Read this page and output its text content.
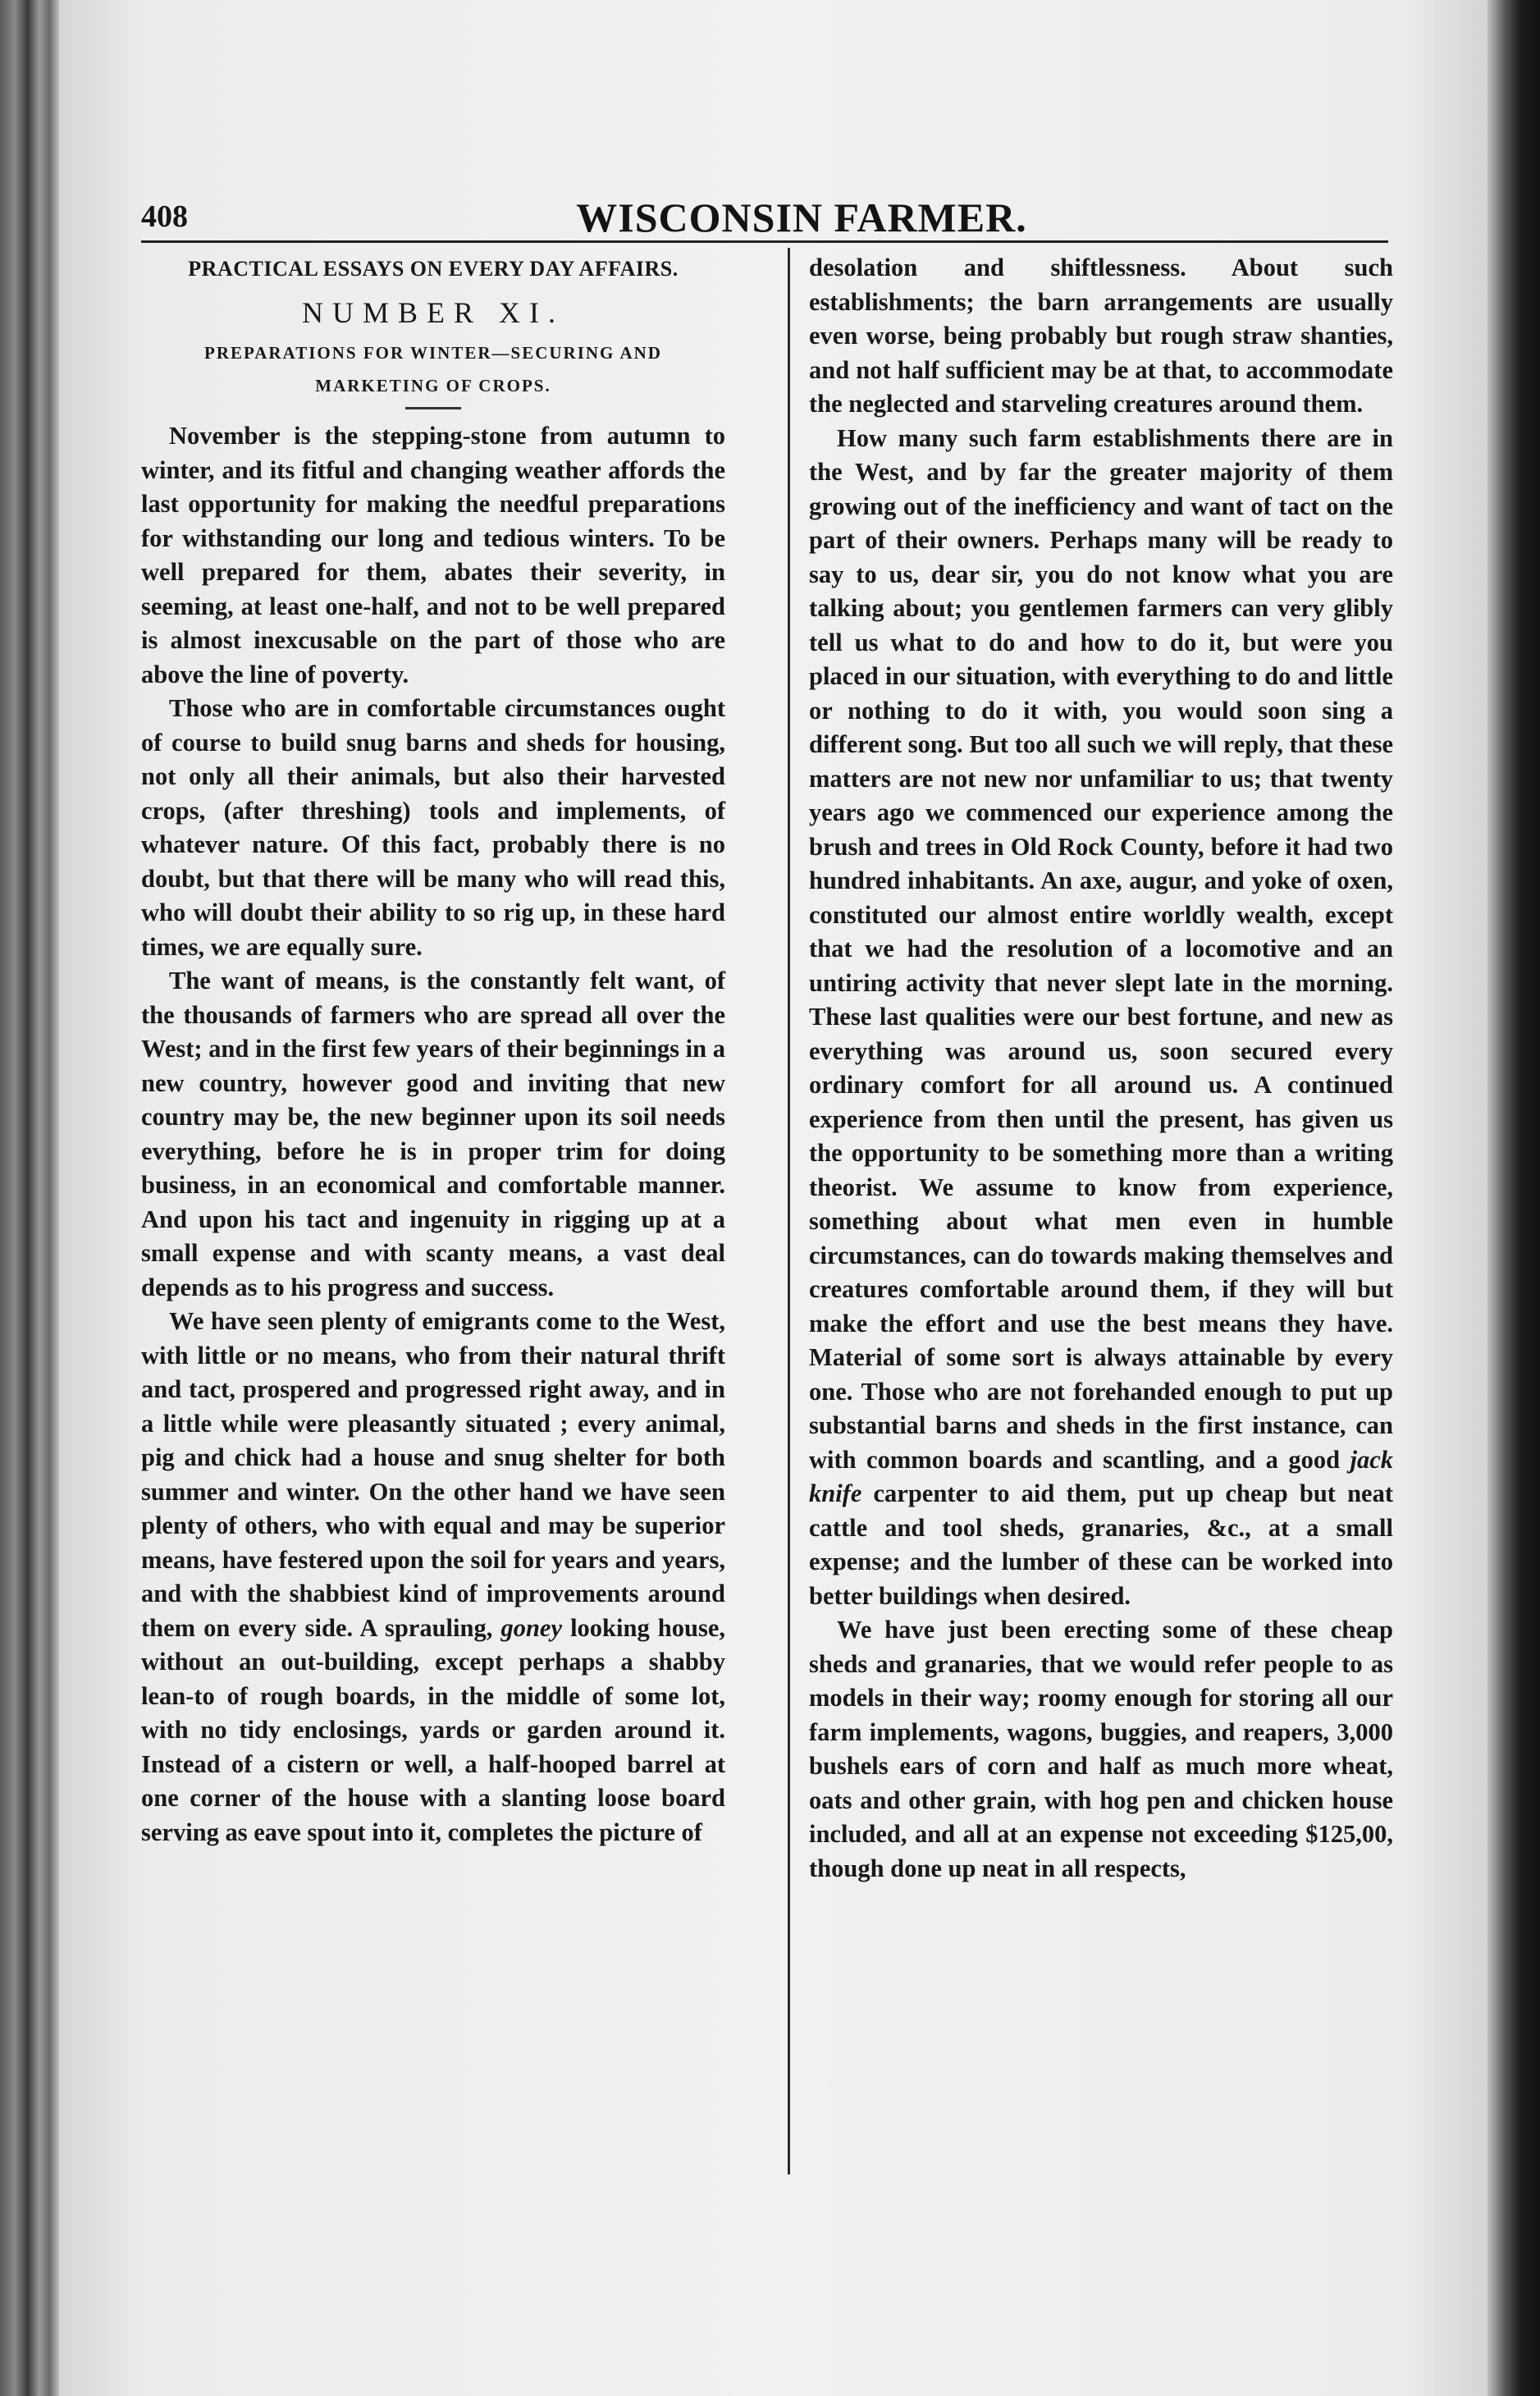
408	WISCONSIN FARMER.
PRACTICAL ESSAYS ON EVERY DAY AFFAIRS.
NUMBER XI.
PREPARATIONS FOR WINTER—SECURING AND MARKETING OF CROPS.

November is the stepping-stone from autumn to winter, and its fitful and changing weather affords the last opportunity for making the needful preparations for withstanding our long and tedious winters. To be well prepared for them, abates their severity, in seeming, at least one-half, and not to be well prepared is almost inexcusable on the part of those who are above the line of poverty.

Those who are in comfortable circumstances ought of course to build snug barns and sheds for housing, not only all their animals, but also their harvested crops, (after threshing) tools and implements, of whatever nature. Of this fact, probably there is no doubt, but that there will be many who will read this, who will doubt their ability to so rig up, in these hard times, we are equally sure.

The want of means, is the constantly felt want, of the thousands of farmers who are spread all over the West; and in the first few years of their beginnings in a new country, however good and inviting that new country may be, the new beginner upon its soil needs everything, before he is in proper trim for doing business, in an economical and comfortable manner. And upon his tact and ingenuity in rigging up at a small expense and with scanty means, a vast deal depends as to his progress and success.

We have seen plenty of emigrants come to the West, with little or no means, who from their natural thrift and tact, prospered and progressed right away, and in a little while were pleasantly situated ; every animal, pig and chick had a house and snug shelter for both summer and winter. On the other hand we have seen plenty of others, who with equal and may be superior means, have festered upon the soil for years and years, and with the shabbiest kind of improvements around them on every side. A sprauling, goney looking house, without an out-building, except perhaps a shabby lean-to of rough boards, in the middle of some lot, with no tidy enclosings, yards or garden around it. Instead of a cistern or well, a half-hooped barrel at one corner of the house with a slanting loose board serving as eave spout into it, completes the picture of

desolation and shiftlessness. About such establishments; the barn arrangements are usually even worse, being probably but rough straw shanties, and not half sufficient may be at that, to accommodate the neglected and starveling creatures around them.

How many such farm establishments there are in the West, and by far the greater majority of them growing out of the inefficiency and want of tact on the part of their owners. Perhaps many will be ready to say to us, dear sir, you do not know what you are talking about; you gentlemen farmers can very glibly tell us what to do and how to do it, but were you placed in our situation, with everything to do and little or nothing to do it with, you would soon sing a different song. But too all such we will reply, that these matters are not new nor unfamiliar to us; that twenty years ago we commenced our experience among the brush and trees in Old Rock County, before it had two hundred inhabitants. An axe, augur, and yoke of oxen, constituted our almost entire worldly wealth, except that we had the resolution of a locomotive and an untiring activity that never slept late in the morning. These last qualities were our best fortune, and new as everything was around us, soon secured every ordinary comfort for all around us. A continued experience from then until the present, has given us the opportunity to be something more than a writing theorist. We assume to know from experience, something about what men even in humble circumstances, can do towards making themselves and creatures comfortable around them, if they will but make the effort and use the best means they have. Material of some sort is always attainable by every one. Those who are not forehanded enough to put up substantial barns and sheds in the first instance, can with common boards and scantling, and a good jack knife carpenter to aid them, put up cheap but neat cattle and tool sheds, granaries, &c., at a small expense; and the lumber of these can be worked into better buildings when desired.

We have just been erecting some of these cheap sheds and granaries, that we would refer people to as models in their way; roomy enough for storing all our farm implements, wagons, buggies, and reapers, 3,000 bushels ears of corn and half as much more wheat, oats and other grain, with hog pen and chicken house included, and all at an expense not exceeding $125,00, though done up neat in all respects,
